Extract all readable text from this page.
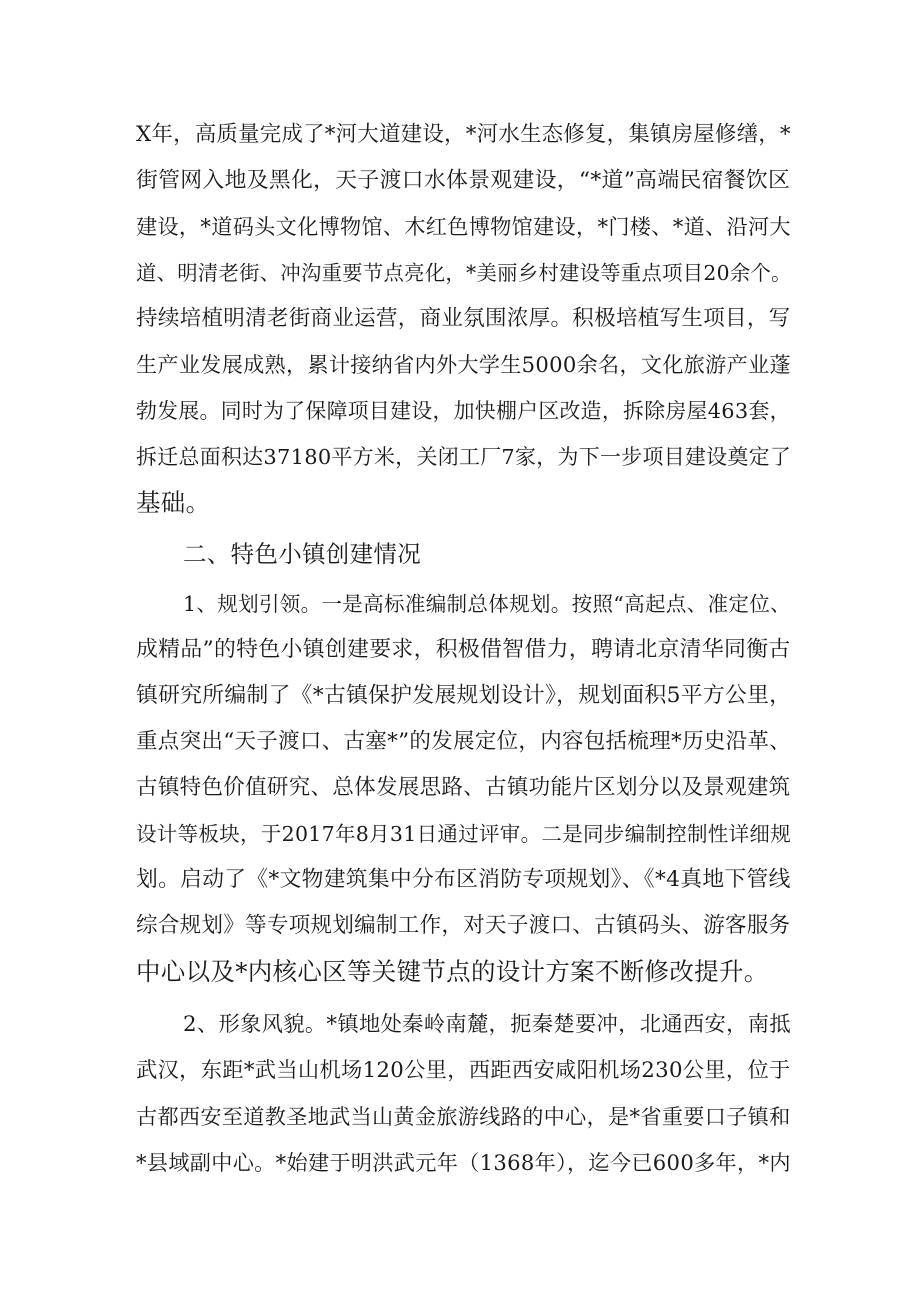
X年，高质量完成了*河大道建设，*河水生态修复，集镇房屋修缮，*
街管网入地及黑化，天子渡口水体景观建设，“*道”高端民宿餐饮区
建设，*道码头文化博物馆、木红色博物馆建设，*门楼、*道、沿河大
道、明清老街、冲沟重要节点亮化，*美丽乡村建设等重点项目20余个。
持续培植明清老街商业运营，商业氛围浓厚。积极培植写生项目，写
生产业发展成熟，累计接纳省内外大学生5000余名，文化旅游产业蓬
勃发展。同时为了保障项目建设，加快棚户区改造，拆除房屋463套，
拆迁总面积达37180平方米，关闭工厂7家，为下一步项目建设奠定了
基础。
二、特色小镇创建情况
1、规划引领。一是高标准编制总体规划。按照“高起点、准定位、
成精品”的特色小镇创建要求，积极借智借力，聘请北京清华同衡古
镇研究所编制了《*古镇保护发展规划设计》，规划面积5平方公里，
重点突出“天子渡口、古塞*”的发展定位，内容包括梳理*历史沿革、
古镇特色价值研究、总体发展思路、古镇功能片区划分以及景观建筑
设计等板块，于2017年8月31日通过评审。二是同步编制控制性详细规
划。启动了《*文物建筑集中分布区消防专项规划》、《*4真地下管线
综合规划》等专项规划编制工作，对天子渡口、古镇码头、游客服务
中心以及*内核心区等关键节点的设计方案不断修改提升。
2、形象风貌。*镇地处秦岭南麓，扼秦楚要冲，北通西安，南抵
武汉，东距*武当山机场120公里，西距西安咸阳机场230公里，位于
古都西安至道教圣地武当山黄金旅游线路的中心，是*省重要口子镇和
*县域副中心。*始建于明洪武元年（1368年），迄今已600多年，*内
